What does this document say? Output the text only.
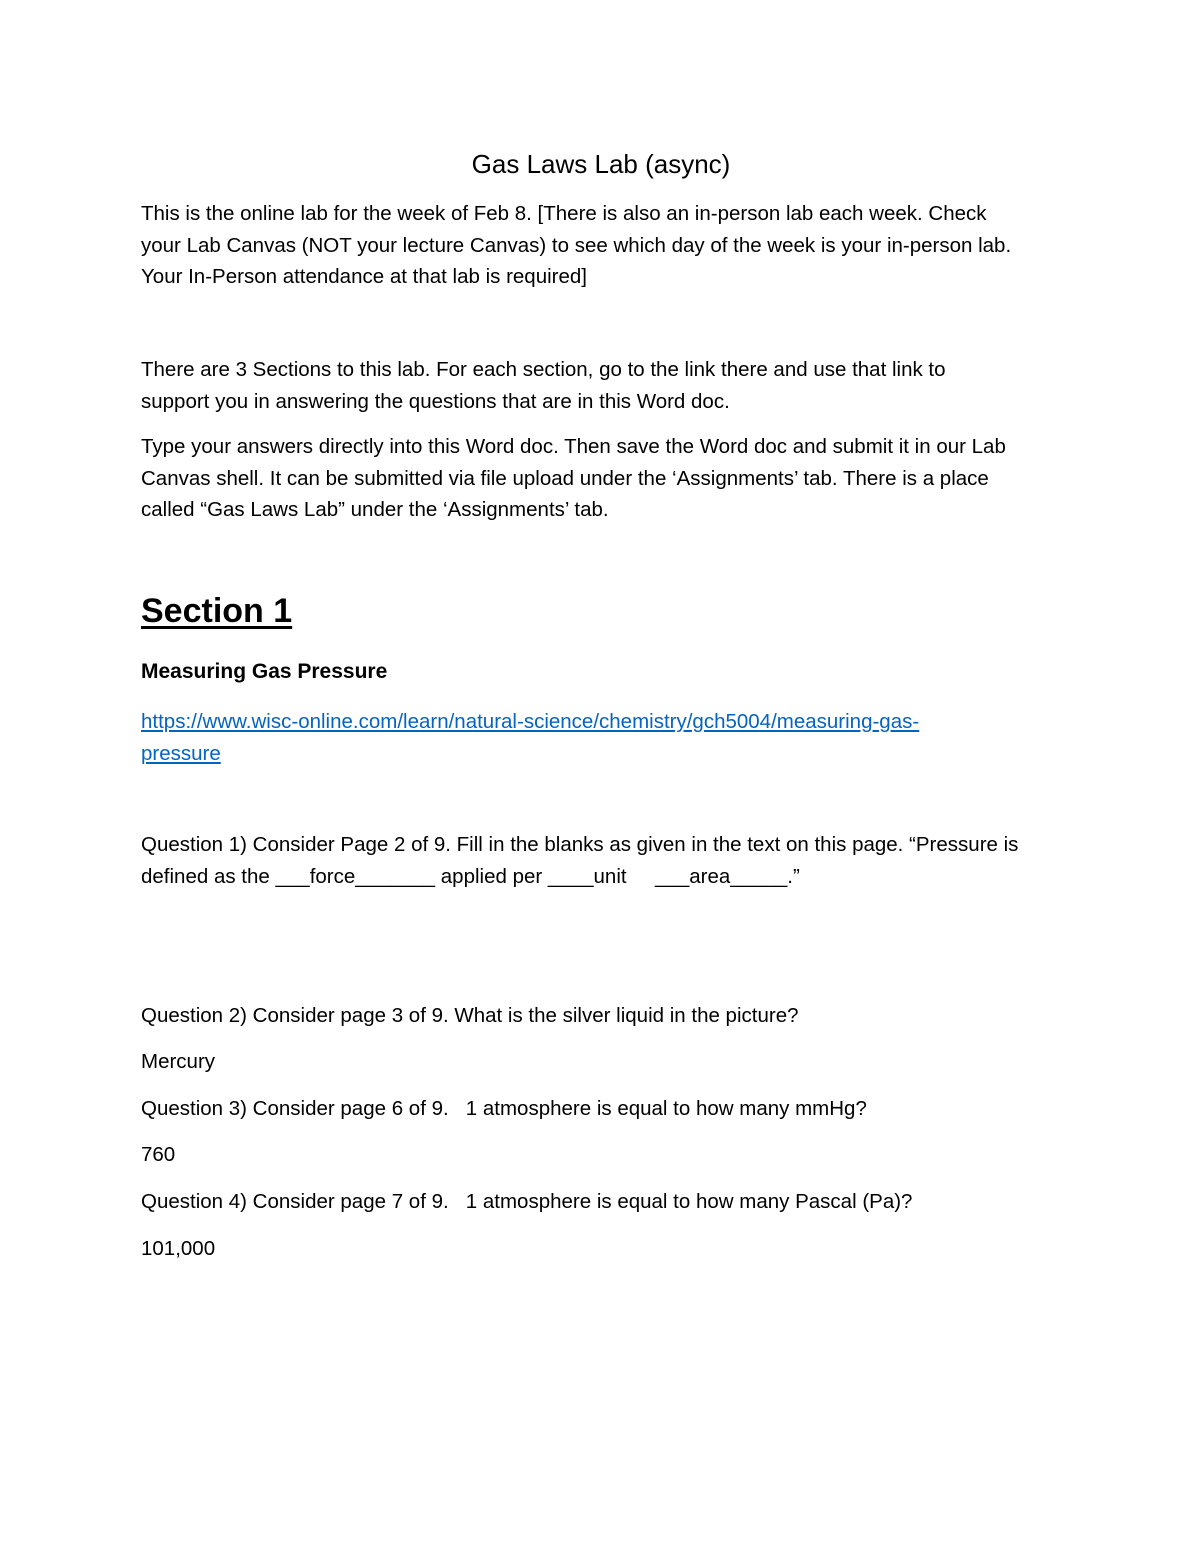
Gas Laws Lab (async)
This is the online lab for the week of Feb 8. [There is also an in-person lab each week. Check
your Lab Canvas (NOT your lecture Canvas) to see which day of the week is your in-person lab.
Your In-Person attendance at that lab is required]
There are 3 Sections to this lab. For each section, go to the link there and use that link to
support you in answering the questions that are in this Word doc.
Type your answers directly into this Word doc. Then save the Word doc and submit it in our Lab
Canvas shell. It can be submitted via file upload under the ‘Assignments’ tab. There is a place
called “Gas Laws Lab” under the ‘Assignments’ tab.
Section 1
Measuring Gas Pressure
https://www.wisc-online.com/learn/natural-science/chemistry/gch5004/measuring-gas-
pressure
Question 1) Consider Page 2 of 9. Fill in the blanks as given in the text on this page. “Pressure is
defined as the ___force_______ applied per ____unit     ___area_____.”
Question 2) Consider page 3 of 9. What is the silver liquid in the picture?
Mercury
Question 3) Consider page 6 of 9.   1 atmosphere is equal to how many mmHg?
760
Question 4) Consider page 7 of 9.   1 atmosphere is equal to how many Pascal (Pa)?
101,000
